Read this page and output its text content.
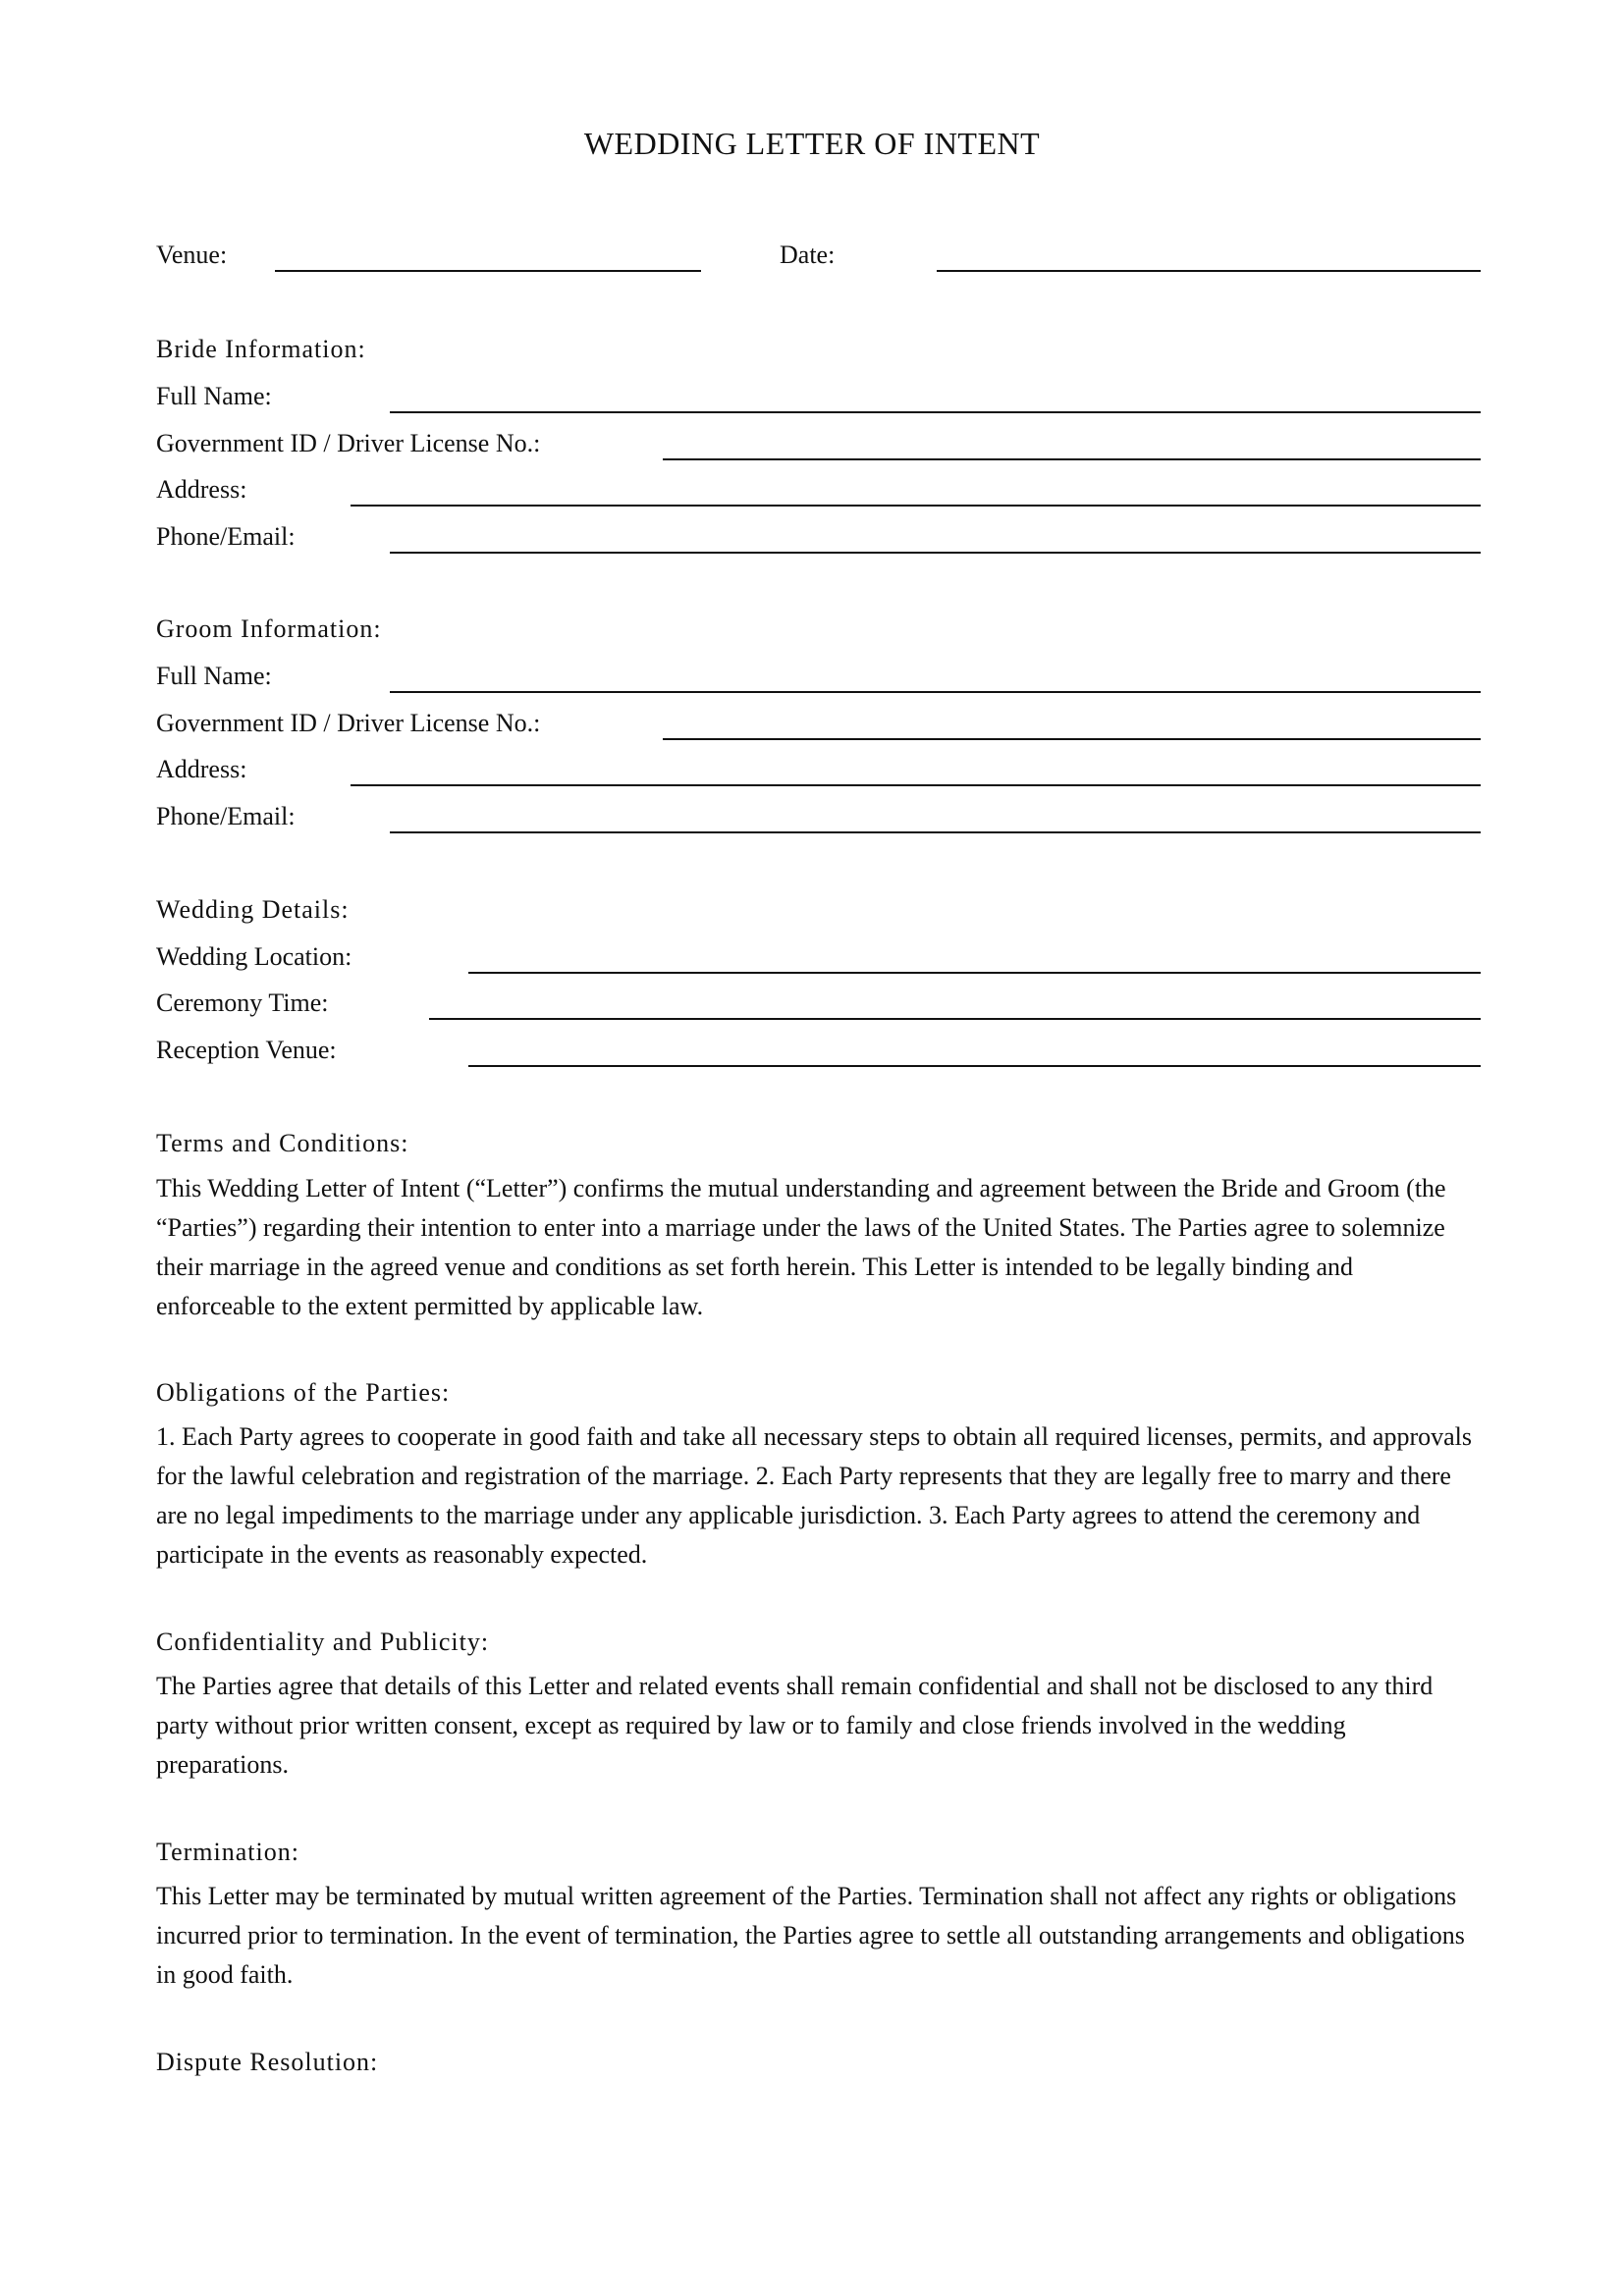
WEDDING LETTER OF INTENT
Venue:	Date:
Bride Information:
Full Name:
Government ID / Driver License No.:
Address:
Phone/Email:
Groom Information:
Full Name:
Government ID / Driver License No.:
Address:
Phone/Email:
Wedding Details:
Wedding Location:
Ceremony Time:
Reception Venue:
Terms and Conditions:
This Wedding Letter of Intent (“Letter”) confirms the mutual understanding and agreement between the Bride and Groom (the “Parties”) regarding their intention to enter into a marriage under the laws of the United States. The Parties agree to solemnize their marriage in the agreed venue and conditions as set forth herein. This Letter is intended to be legally binding and enforceable to the extent permitted by applicable law.
Obligations of the Parties:
1. Each Party agrees to cooperate in good faith and take all necessary steps to obtain all required licenses, permits, and approvals for the lawful celebration and registration of the marriage. 2. Each Party represents that they are legally free to marry and there are no legal impediments to the marriage under any applicable jurisdiction. 3. Each Party agrees to attend the ceremony and participate in the events as reasonably expected.
Confidentiality and Publicity:
The Parties agree that details of this Letter and related events shall remain confidential and shall not be disclosed to any third party without prior written consent, except as required by law or to family and close friends involved in the wedding preparations.
Termination:
This Letter may be terminated by mutual written agreement of the Parties. Termination shall not affect any rights or obligations incurred prior to termination. In the event of termination, the Parties agree to settle all outstanding arrangements and obligations in good faith.
Dispute Resolution:
